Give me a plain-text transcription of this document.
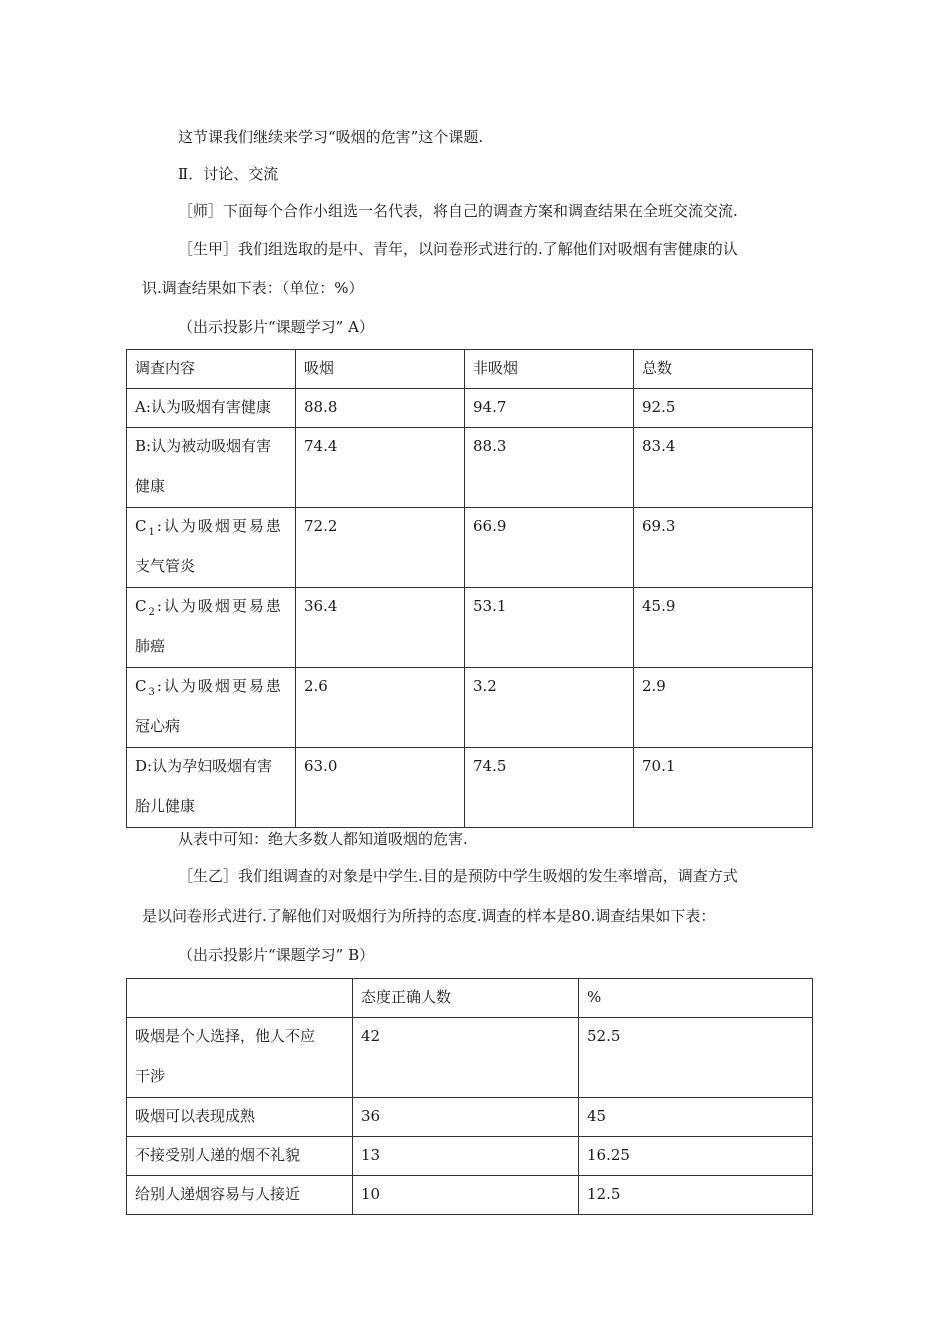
这节课我们继续来学习“吸烟的危害”这个课题.
Ⅱ．讨论、交流
［师］下面每个合作小组选一名代表，将自己的调查方案和调查结果在全班交流交流.
［生甲］我们组选取的是中、青年，以问卷形式进行的.了解他们对吸烟有害健康的认
识.调查结果如下表：（单位：%）
（出示投影片“课题学习” A）
调查内容	吸烟	非吸烟	总数

A:认为吸烟有害健康	88.8	94.7	92.5

B:认为被动吸烟有害
健康	74.4	88.3	83.4

$C_1$:认为吸烟更易患
支气管炎	72.2	66.9	69.3

$C_2$:认为吸烟更易患
肺癌	36.4	53.1	45.9

$C_3$:认为吸烟更易患
冠心病	2.6	3.2	2.9

D:认为孕妇吸烟有害
胎儿健康	63.0	74.5	70.1
从表中可知：绝大多数人都知道吸烟的危害.
［生乙］我们组调查的对象是中学生.目的是预防中学生吸烟的发生率增高，调查方式
是以问卷形式进行.了解他们对吸烟行为所持的态度.调查的样本是80.调查结果如下表：
（出示投影片“课题学习” B）

	态度正确人数	%

吸烟是个人选择，他人不应
干涉	42	52.5

吸烟可以表现成熟	36	45

不接受别人递的烟不礼貌	13	16.25

给别人递烟容易与人接近	10	12.5
